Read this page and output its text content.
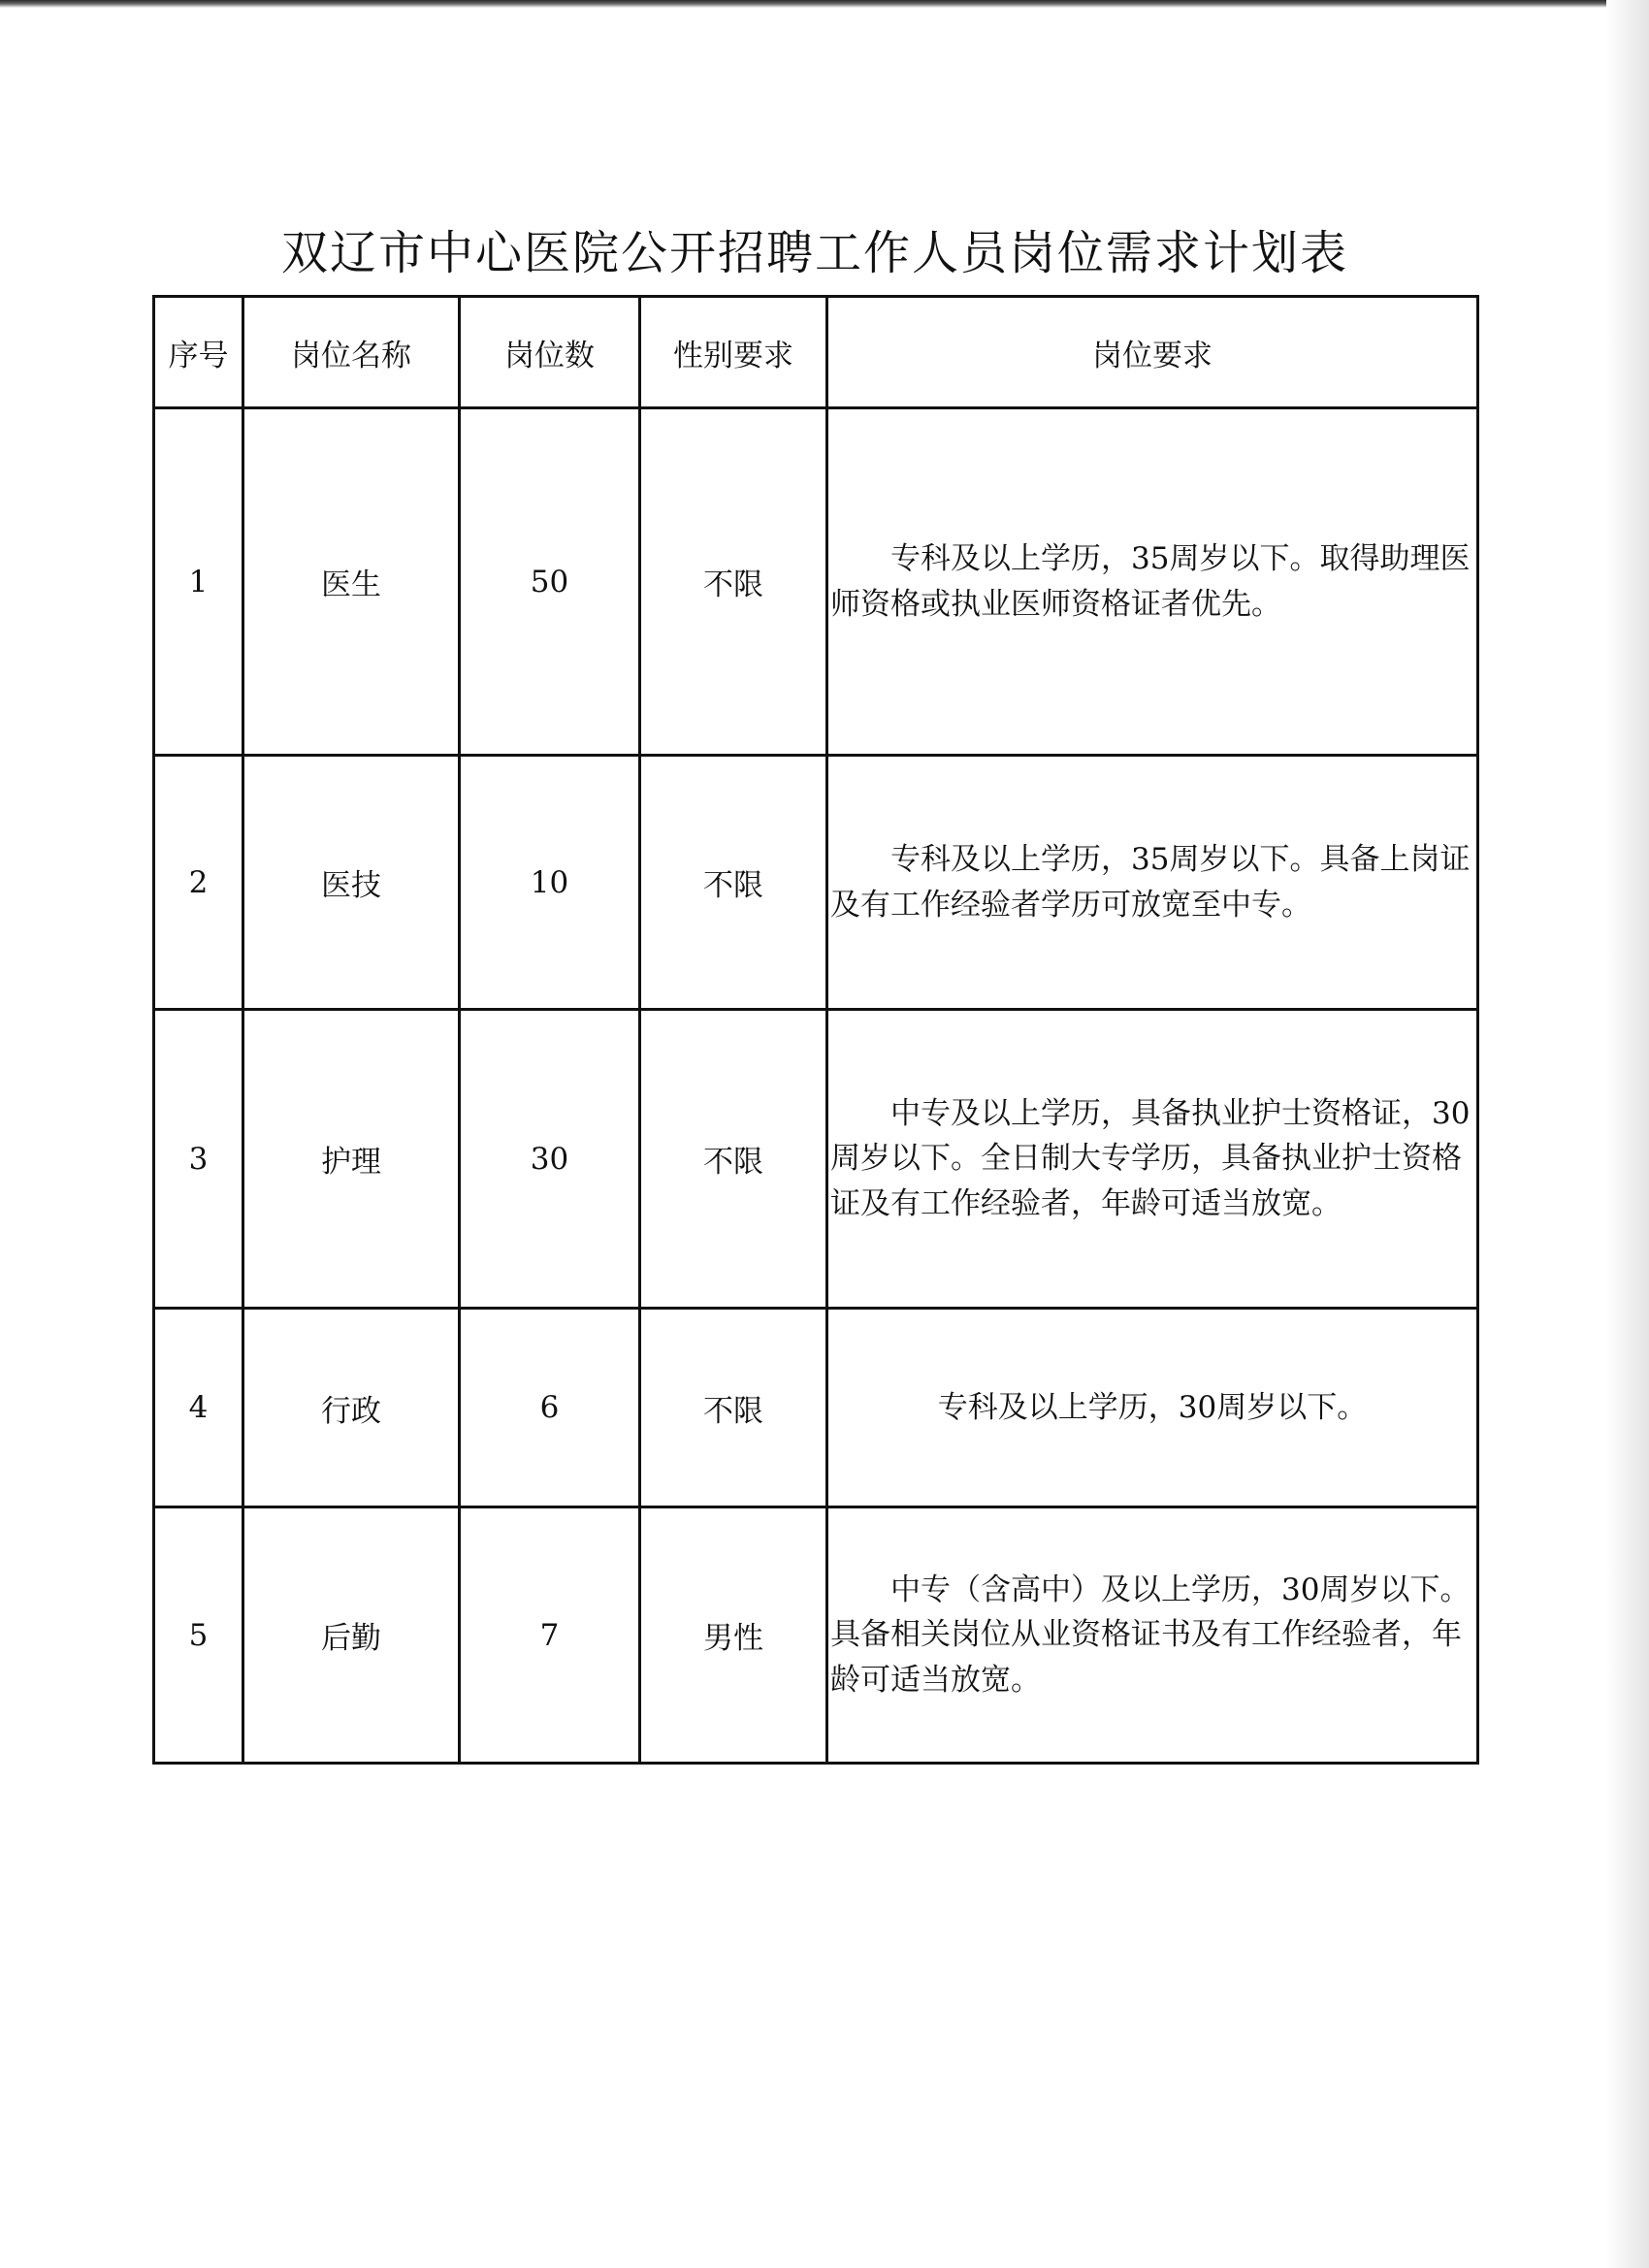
双辽市中心医院公开招聘工作人员岗位需求计划表
序号	岗位名称	岗位数	性别要求	岗位要求
1	医生	50	不限	专科及以上学历，35周岁以下。取得助理医师资格或执业医师资格证者优先。
2	医技	10	不限	专科及以上学历，35周岁以下。具备上岗证及有工作经验者学历可放宽至中专。
3	护理	30	不限	中专及以上学历，具备执业护士资格证，30周岁以下。全日制大专学历，具备执业护士资格证及有工作经验者，年龄可适当放宽。
4	行政	6	不限	专科及以上学历，30周岁以下。
5	后勤	7	男性	中专（含高中）及以上学历，30周岁以下。具备相关岗位从业资格证书及有工作经验者，年龄可适当放宽。
